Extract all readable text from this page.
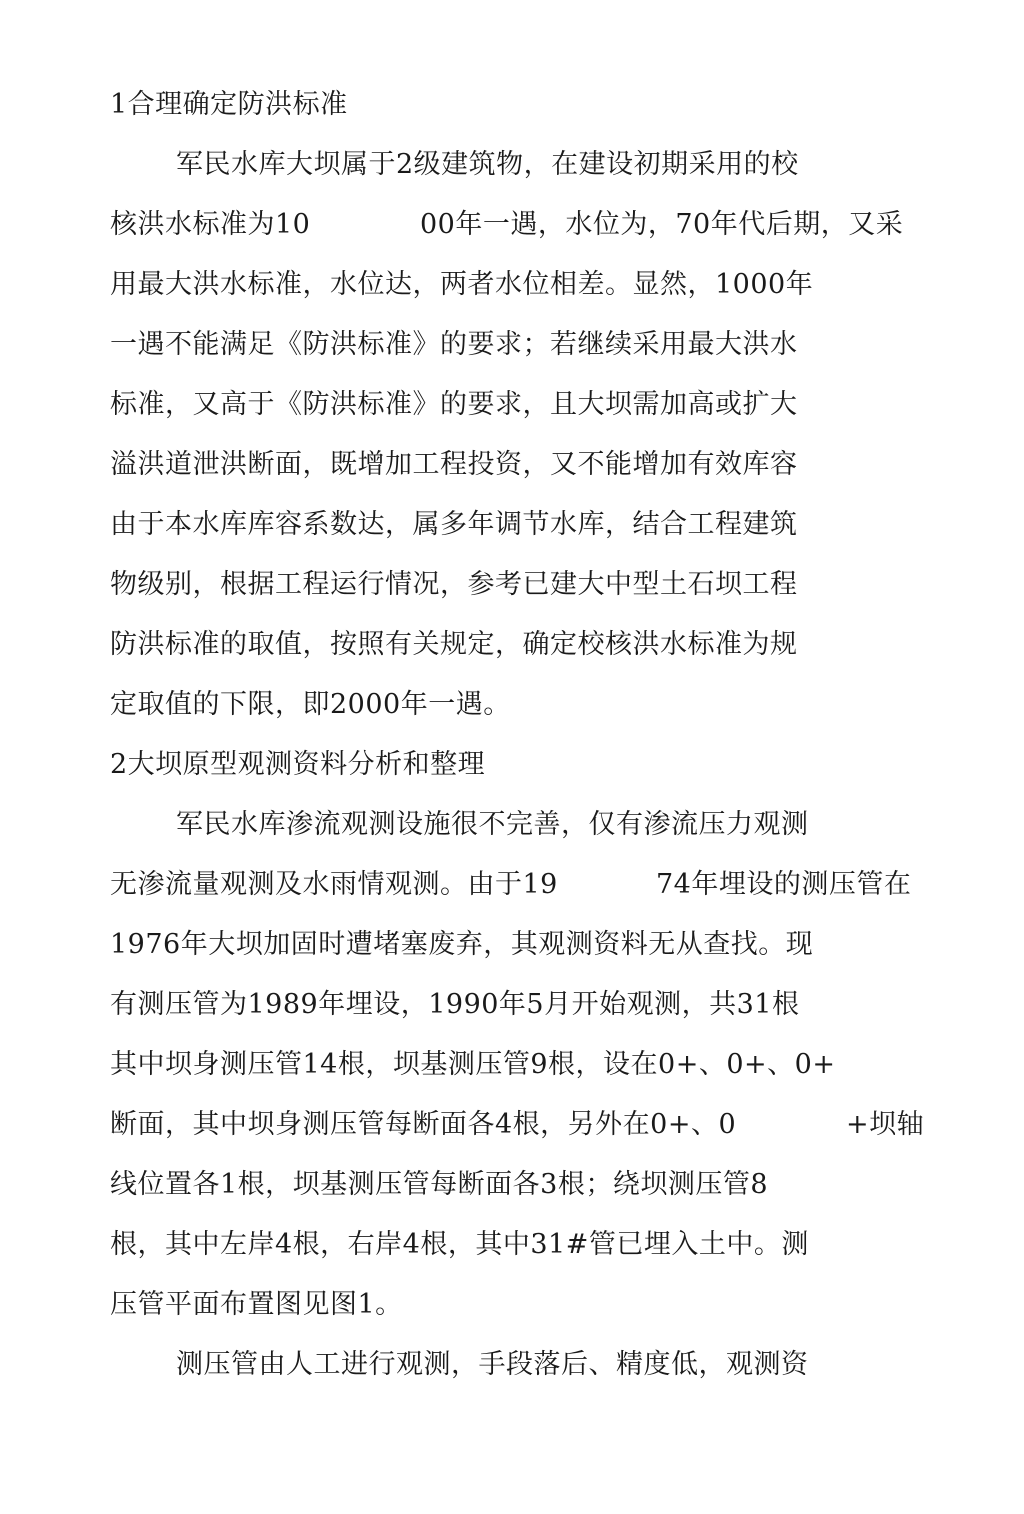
1合理确定防洪标准
军民水库大坝属于2级建筑物，在建设初期采用的校
核洪水标准为10	00年一遇，水位为，70年代后期，又采
用最大洪水标准，水位达，两者水位相差。显然，1000年
一遇不能满足《防洪标准》的要求；若继续采用最大洪水
标准，又高于《防洪标准》的要求，且大坝需加高或扩大
溢洪道泄洪断面，既增加工程投资，又不能增加有效库容
由于本水库库容系数达，属多年调节水库，结合工程建筑
物级别，根据工程运行情况，参考已建大中型土石坝工程
防洪标准的取值，按照有关规定，确定校核洪水标准为规
定取值的下限，即2000年一遇。
2大坝原型观测资料分析和整理
军民水库渗流观测设施很不完善，仅有渗流压力观测
无渗流量观测及水雨情观测。由于19	74年埋设的测压管在
1976年大坝加固时遭堵塞废弃，其观测资料无从查找。现
有测压管为1989年埋设，1990年5月开始观测，共31根
其中坝身测压管14根，坝基测压管9根，设在0+、0+、0+
断面，其中坝身测压管每断面各4根，另外在0+、0	+坝轴
线位置各1根，坝基测压管每断面各3根；绕坝测压管8
根，其中左岸4根，右岸4根，其中31#管已埋入土中。测
压管平面布置图见图1。
测压管由人工进行观测，手段落后、精度低，观测资
